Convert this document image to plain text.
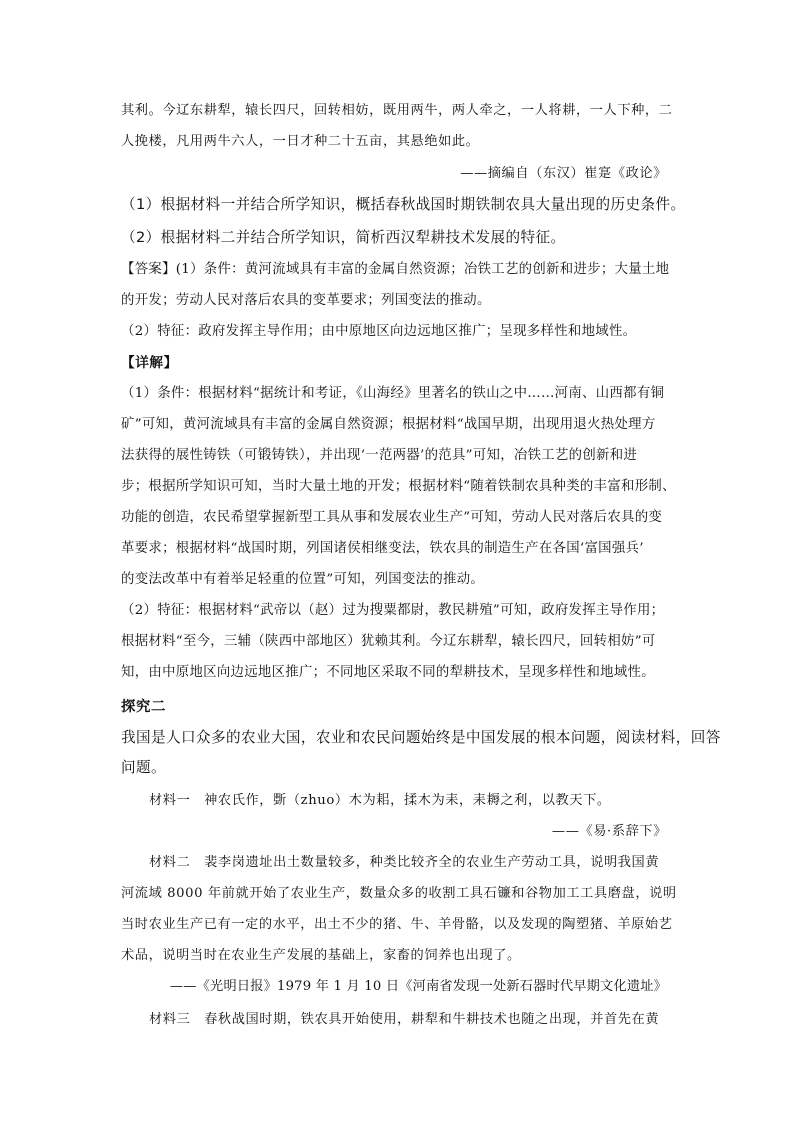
其利。今辽东耕犁，辕长四尺，回转相妨，既用两牛，两人牵之，一人将耕，一人下种，二
人挽楼，凡用两牛六人，一日才种二十五亩，其悬绝如此。
——摘编自（东汉）崔寔《政论》
（1）根据材料一并结合所学知识，概括春秋战国时期铁制农具大量出现的历史条件。
（2）根据材料二并结合所学知识，简析西汉犁耕技术发展的特征。
【答案】(1）条件：黄河流域具有丰富的金属自然资源；冶铁工艺的创新和进步；大量土地
的开发；劳动人民对落后农具的变革要求；列国变法的推动。
（2）特征：政府发挥主导作用；由中原地区向边远地区推广；呈现多样性和地域性。
【详解】
（1）条件：根据材料“据统计和考证，《山海经》里著名的铁山之中……河南、山西都有铜
矿”可知，黄河流域具有丰富的金属自然资源；根据材料“战国早期，出现用退火热处理方
法获得的展性铸铁（可锻铸铁），并出现‘一范两器’的范具”可知，冶铁工艺的创新和进
步；根据所学知识可知，当时大量土地的开发；根据材料“随着铁制农具种类的丰富和形制、
功能的创造，农民希望掌握新型工具从事和发展农业生产”可知，劳动人民对落后农具的变
革要求；根据材料“战国时期，列国诸侯相继变法，铁农具的制造生产在各国‘富国强兵’
的变法改革中有着举足轻重的位置”可知，列国变法的推动。
（2）特征：根据材料“武帝以（赵）过为搜粟都尉，教民耕殖”可知，政府发挥主导作用；
根据材料“至今，三辅（陕西中部地区）犹赖其利。今辽东耕犁，辕长四尺，回转相妨”可
知，由中原地区向边远地区推广；不同地区采取不同的犁耕技术，呈现多样性和地域性。
探究二
我国是人口众多的农业大国，农业和农民问题始终是中国发展的根本问题，阅读材料，回答
问题。
材料一　神农氏作，斲（zhuo）木为耜，揉木为耒，耒耨之利，以教天下。
——《易·系辞下》
材料二　裴李岗遗址出土数量较多，种类比较齐全的农业生产劳动工具，说明我国黄
河流域 8000 年前就开始了农业生产，数量众多的收割工具石镰和谷物加工工具磨盘，说明
当时农业生产已有一定的水平，出土不少的猪、牛、羊骨骼，以及发现的陶塑猪、羊原始艺
术品，说明当时在农业生产发展的基础上，家畜的饲养也出现了。
——《光明日报》1979 年 1 月 10 日《河南省发现一处新石器时代早期文化遗址》
材料三　春秋战国时期，铁农具开始使用，耕犁和牛耕技术也随之出现，并首先在黄
